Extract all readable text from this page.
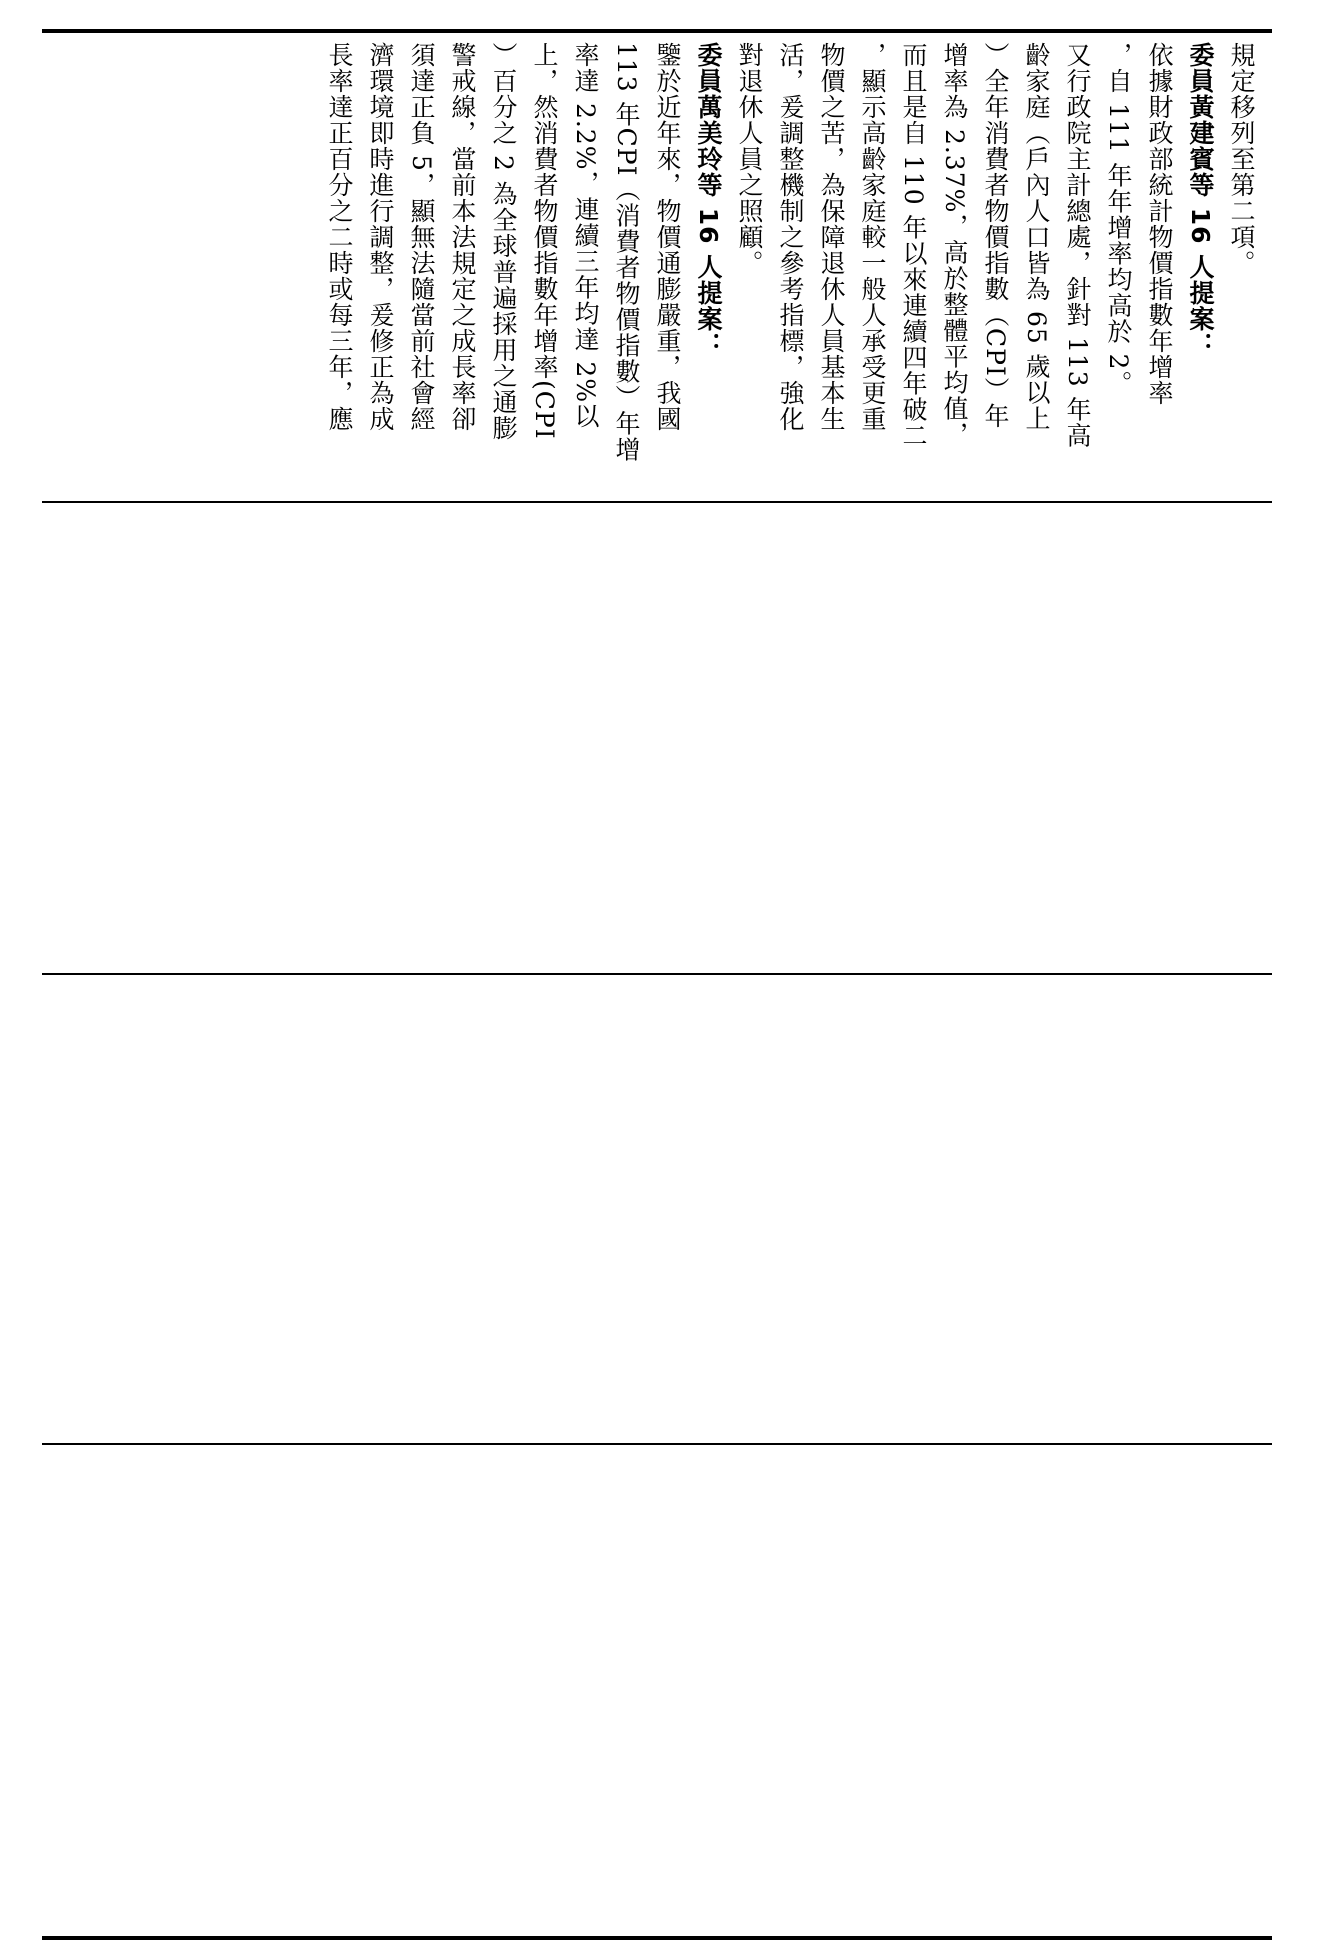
規定移列至第二項。
委員黃建賓等 16 人提案：
依據財政部統計物價指數年增率
，自 111 年年增率均高於 2。
又行政院主計總處，針對 113 年高
齡家庭（戶內人口皆為 65 歲以上
）全年消費者物價指數（CPI）年
增率為 2.37%，高於整體平均值，
而且是自 110 年以來連續四年破二
，顯示高齡家庭較一般人承受更重
物價之苦，為保障退休人員基本生
活，爰調整機制之參考指標，強化
對退休人員之照顧。
委員萬美玲等 16 人提案：
鑒於近年來，物價通膨嚴重，我國
113 年CPI（消費者物價指數）年增
率達 2.2%，連續三年均達 2%以
上，然消費者物價指數年增率(CPI
）百分之 2 為全球普遍採用之通膨
警戒線，當前本法規定之成長率卻
須達正負 5，顯無法隨當前社會經
濟環境即時進行調整，爰修正為成
長率達正百分之二時或每三年，應
